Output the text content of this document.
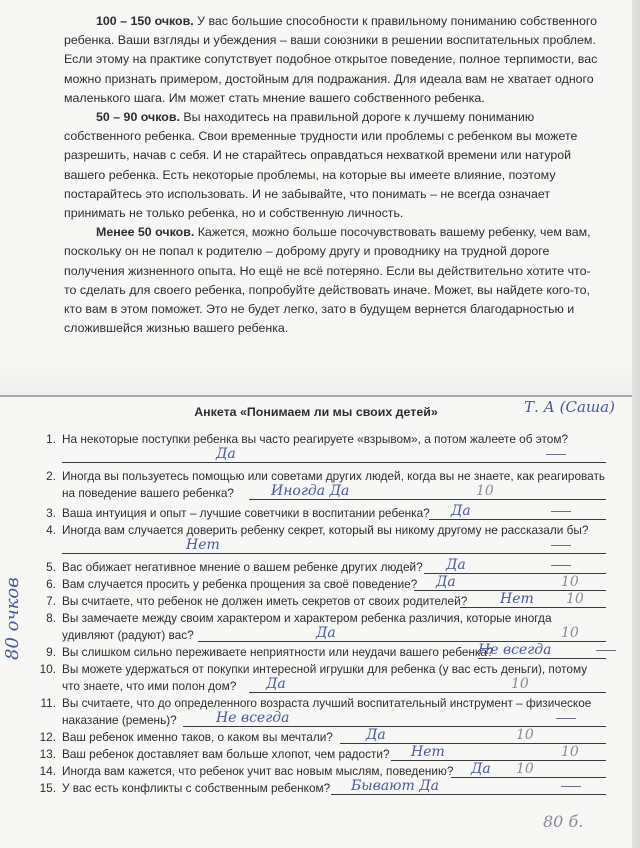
100 – 150 очков. У вас большие способности к правильному пониманию собственного ребенка. Ваши взгляды и убеждения – ваши союзники в решении воспитательных проблем. Если этому на практике сопутствует подобное открытое поведение, полное терпимости, вас можно признать примером, достойным для подражания. Для идеала вам не хватает одного маленького шага. Им может стать мнение вашего собственного ребенка.

50 – 90 очков. Вы находитесь на правильной дороге к лучшему пониманию собственного ребенка. Свои временные трудности или проблемы с ребенком вы можете разрешить, начав с себя. И не старайтесь оправдаться нехваткой времени или натурой вашего ребенка. Есть некоторые проблемы, на которые вы имеете влияние, поэтому постарайтесь это использовать. И не забывайте, что понимать – не всегда означает принимать не только ребенка, но и собственную личность.

Менее 50 очков. Кажется, можно больше посочувствовать вашему ребенку, чем вам, поскольку он не попал к родителю – доброму другу и проводнику на трудной дороге получения жизненного опыта. Но ещё не всё потеряно. Если вы действительно хотите что-то сделать для своего ребенка, попробуйте действовать иначе. Может, вы найдете кого-то, кто вам в этом поможет. Это не будет легко, зато в будущем вернется благодарностью и сложившейся жизнью вашего ребенка.

Анкета «Понимаем ли мы своих детей»	Т. А (Саша)
80 очков
80 б.
1. На некоторые поступки ребенка вы часто реагируете «взрывом», а потом жалеете об этом?
Да
2. Иногда вы пользуетесь помощью или советами других людей, когда вы не знаете, как реагировать на поведение вашего ребенка?	Иногда Да	10
3. Ваша интуиция и опыт – лучшие советчики в воспитании ребенка?	Да
4. Иногда вам случается доверить ребенку секрет, который вы никому другому не рассказали бы?
Нет
5. Вас обижает негативное мнение о вашем ребенке других людей?	Да
6. Вам случается просить у ребенка прощения за своё поведение?	Да	10
7. Вы считаете, что ребенок не должен иметь секретов от своих родителей?	Нет 10
8. Вы замечаете между своим характером и характером ребенка различия, которые иногда удивляют (радуют) вас?	Да	10
9. Вы слишком сильно переживаете неприятности или неудачи вашего ребенка?
Не всегда
10. Вы можете удержаться от покупки интересной игрушки для ребенка (у вас есть деньги), потому что знаете, что ими полон дом?	Да	10
11. Вы считаете, что до определенного возраста лучший воспитательный инструмент – физическое наказание (ремень)?	Не всегда
12. Ваш ребенок именно таков, о каком вы мечтали?	Да	10
13. Ваш ребенок доставляет вам больше хлопот, чем радости?	Нет	10
14. Иногда вам кажется, что ребенок учит вас новым мыслям, поведению?	Да 10
15. У вас есть конфликты с собственным ребенком?	Бывают Да
